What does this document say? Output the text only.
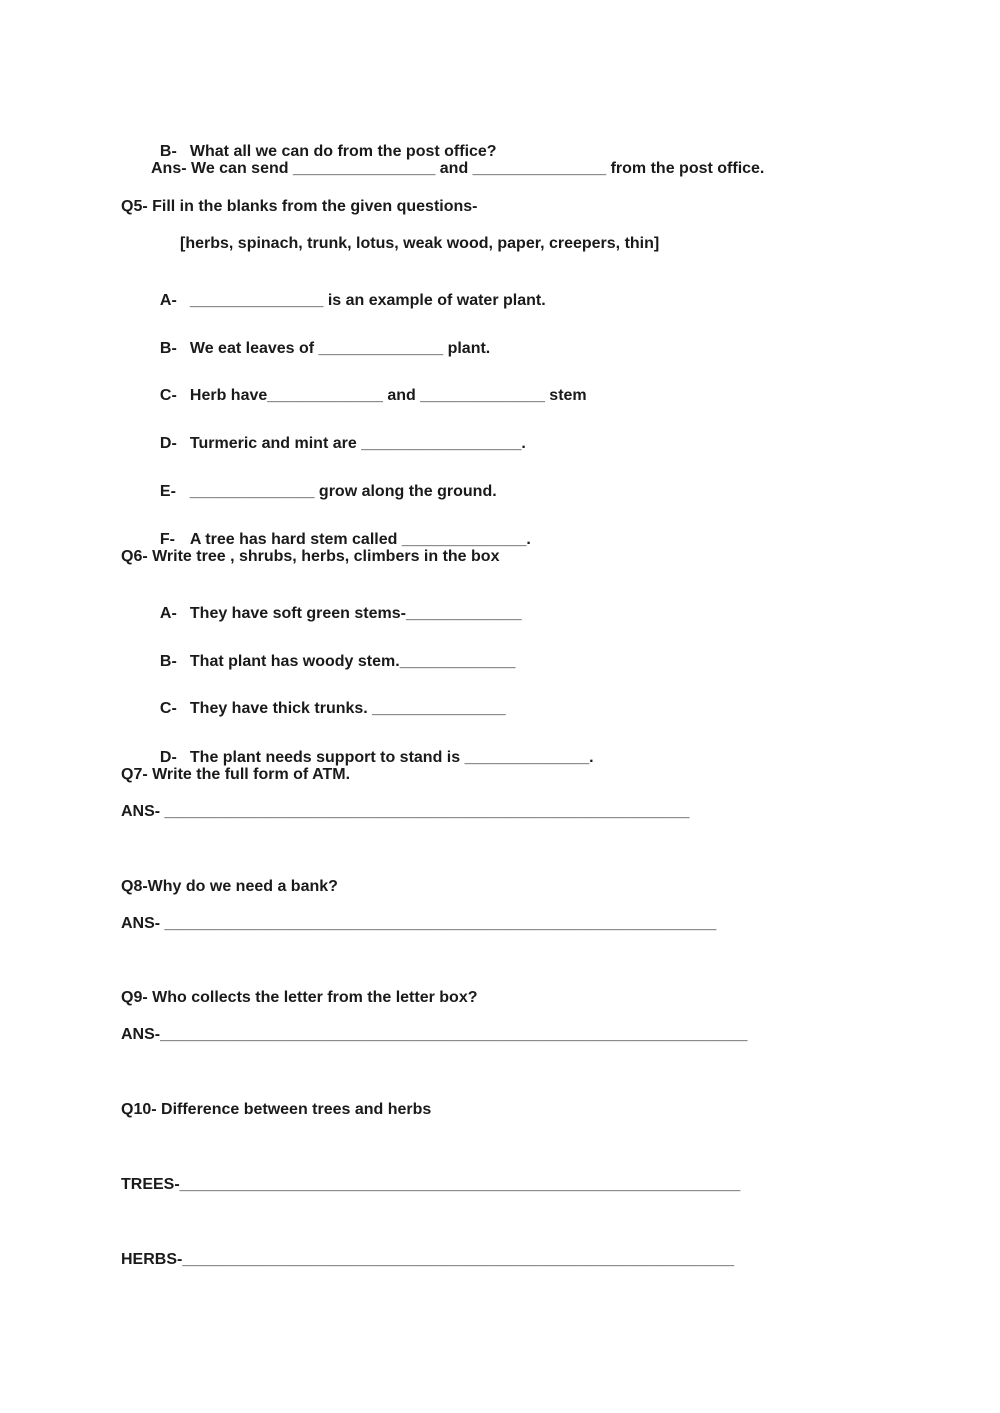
B- What all we can do from the post office?

Ans- We can send ________________ and _______________ from the post office.
Q5- Fill in the blanks from the given questions-
[herbs, spinach, trunk, lotus, weak wood, paper, creepers, thin]

A- _______________ is an example of water plant.

B- We eat leaves of ______________ plant.

C- Herb have_____________ and ______________ stem

D- Turmeric and mint are __________________.

E- ______________ grow along the ground.

F- A tree has hard stem called ______________.

Q6- Write tree , shrubs, herbs, climbers in the box

A- They have soft green stems-_____________

B- That plant has woody stem._____________

C- They have thick trunks. _______________

D- The plant needs support to stand is ______________.

Q7- Write the full form of ATM.
ANS- ___________________________________________________________
Q8-Why do we need a bank?
ANS- ______________________________________________________________
Q9- Who collects the letter from the letter box?
ANS-__________________________________________________________________
Q10- Difference between trees and herbs
TREES-_______________________________________________________________
HERBS-______________________________________________________________
